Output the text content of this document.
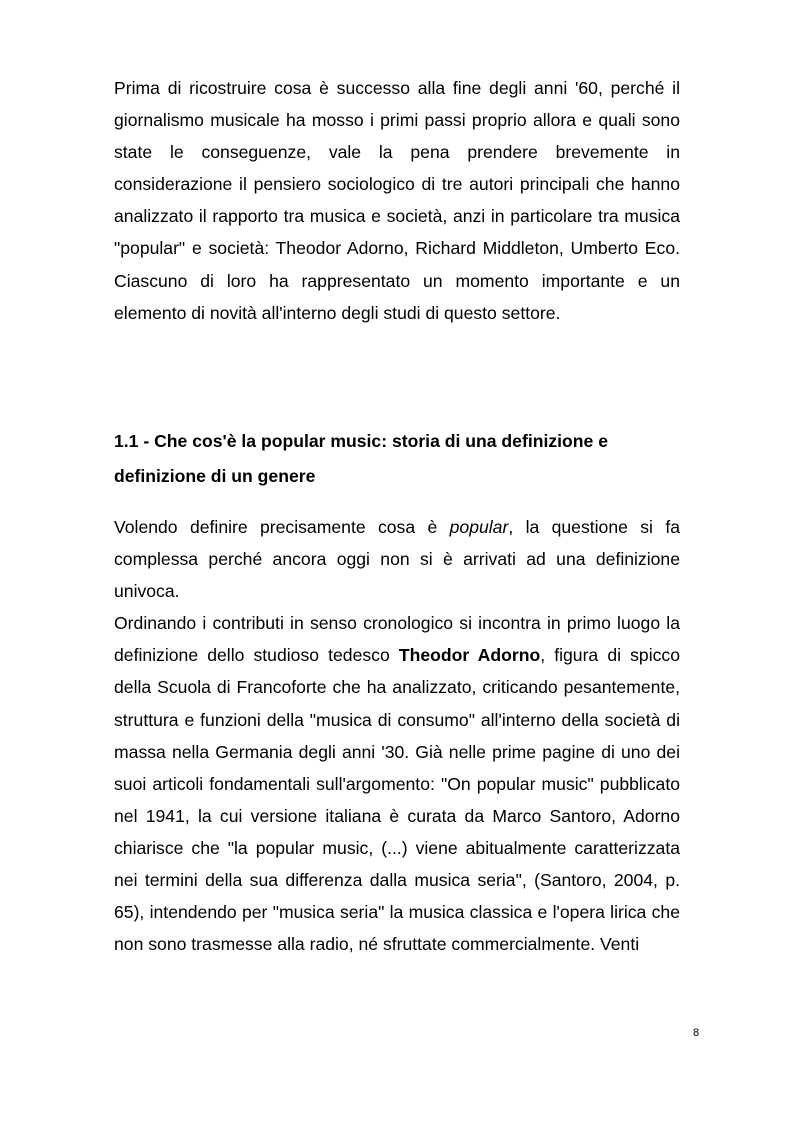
Prima di ricostruire cosa è successo alla fine degli anni '60, perché il giornalismo musicale ha mosso i primi passi proprio allora e quali sono state le conseguenze, vale la pena prendere brevemente in considerazione il pensiero sociologico di tre autori principali che hanno analizzato il rapporto tra musica e società, anzi in particolare tra musica "popular" e società: Theodor Adorno, Richard Middleton, Umberto Eco. Ciascuno di loro ha rappresentato un momento importante e un elemento di novità all'interno degli studi di questo settore.

1.1 - Che cos'è la popular music: storia di una definizione e
definizione di un genere

Volendo definire precisamente cosa è popular, la questione si fa complessa perché ancora oggi non si è arrivati ad una definizione univoca.

Ordinando i contributi in senso cronologico si incontra in primo luogo la definizione dello studioso tedesco Theodor Adorno, figura di spicco della Scuola di Francoforte che ha analizzato, criticando pesantemente, struttura e funzioni della "musica di consumo" all'interno della società di massa nella Germania degli anni '30. Già nelle prime pagine di uno dei suoi articoli fondamentali sull'argomento: "On popular music" pubblicato nel 1941, la cui versione italiana è curata da Marco Santoro, Adorno chiarisce che "la popular music, (...) viene abitualmente caratterizzata nei termini della sua differenza dalla musica seria", (Santoro, 2004, p. 65), intendendo per "musica seria" la musica classica e l'opera lirica che non sono trasmesse alla radio, né sfruttate commercialmente. Venti

8
